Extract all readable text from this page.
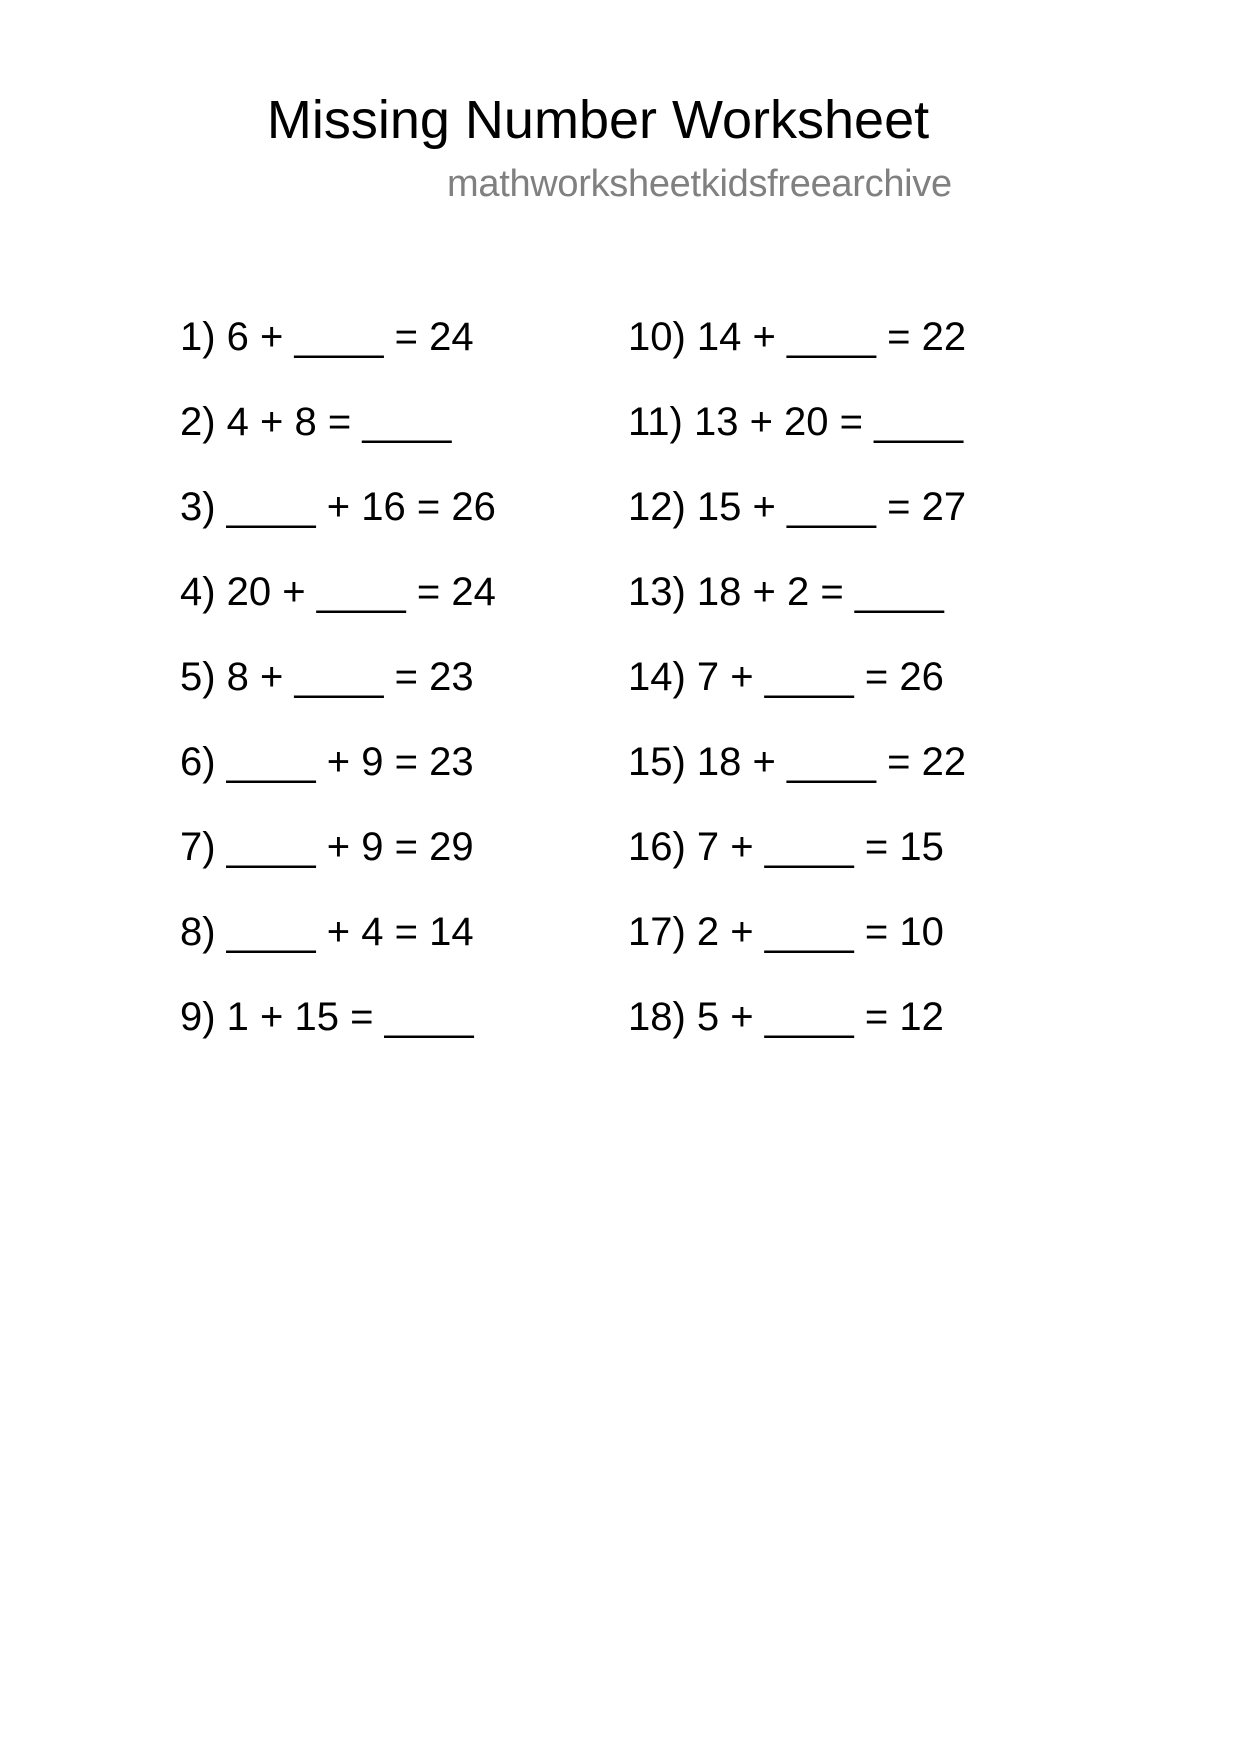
Missing Number Worksheet
mathworksheetkidsfreearchive
1) 6 + ____ = 24
2) 4 + 8 = ____
3) ____ + 16 = 26
4) 20 + ____ = 24
5) 8 + ____ = 23
6) ____ + 9 = 23
7) ____ + 9 = 29
8) ____ + 4 = 14
9) 1 + 15 = ____
10) 14 + ____ = 22
11) 13 + 20 = ____
12) 15 + ____ = 27
13) 18 + 2 = ____
14) 7 + ____ = 26
15) 18 + ____ = 22
16) 7 + ____ = 15
17) 2 + ____ = 10
18) 5 + ____ = 12
